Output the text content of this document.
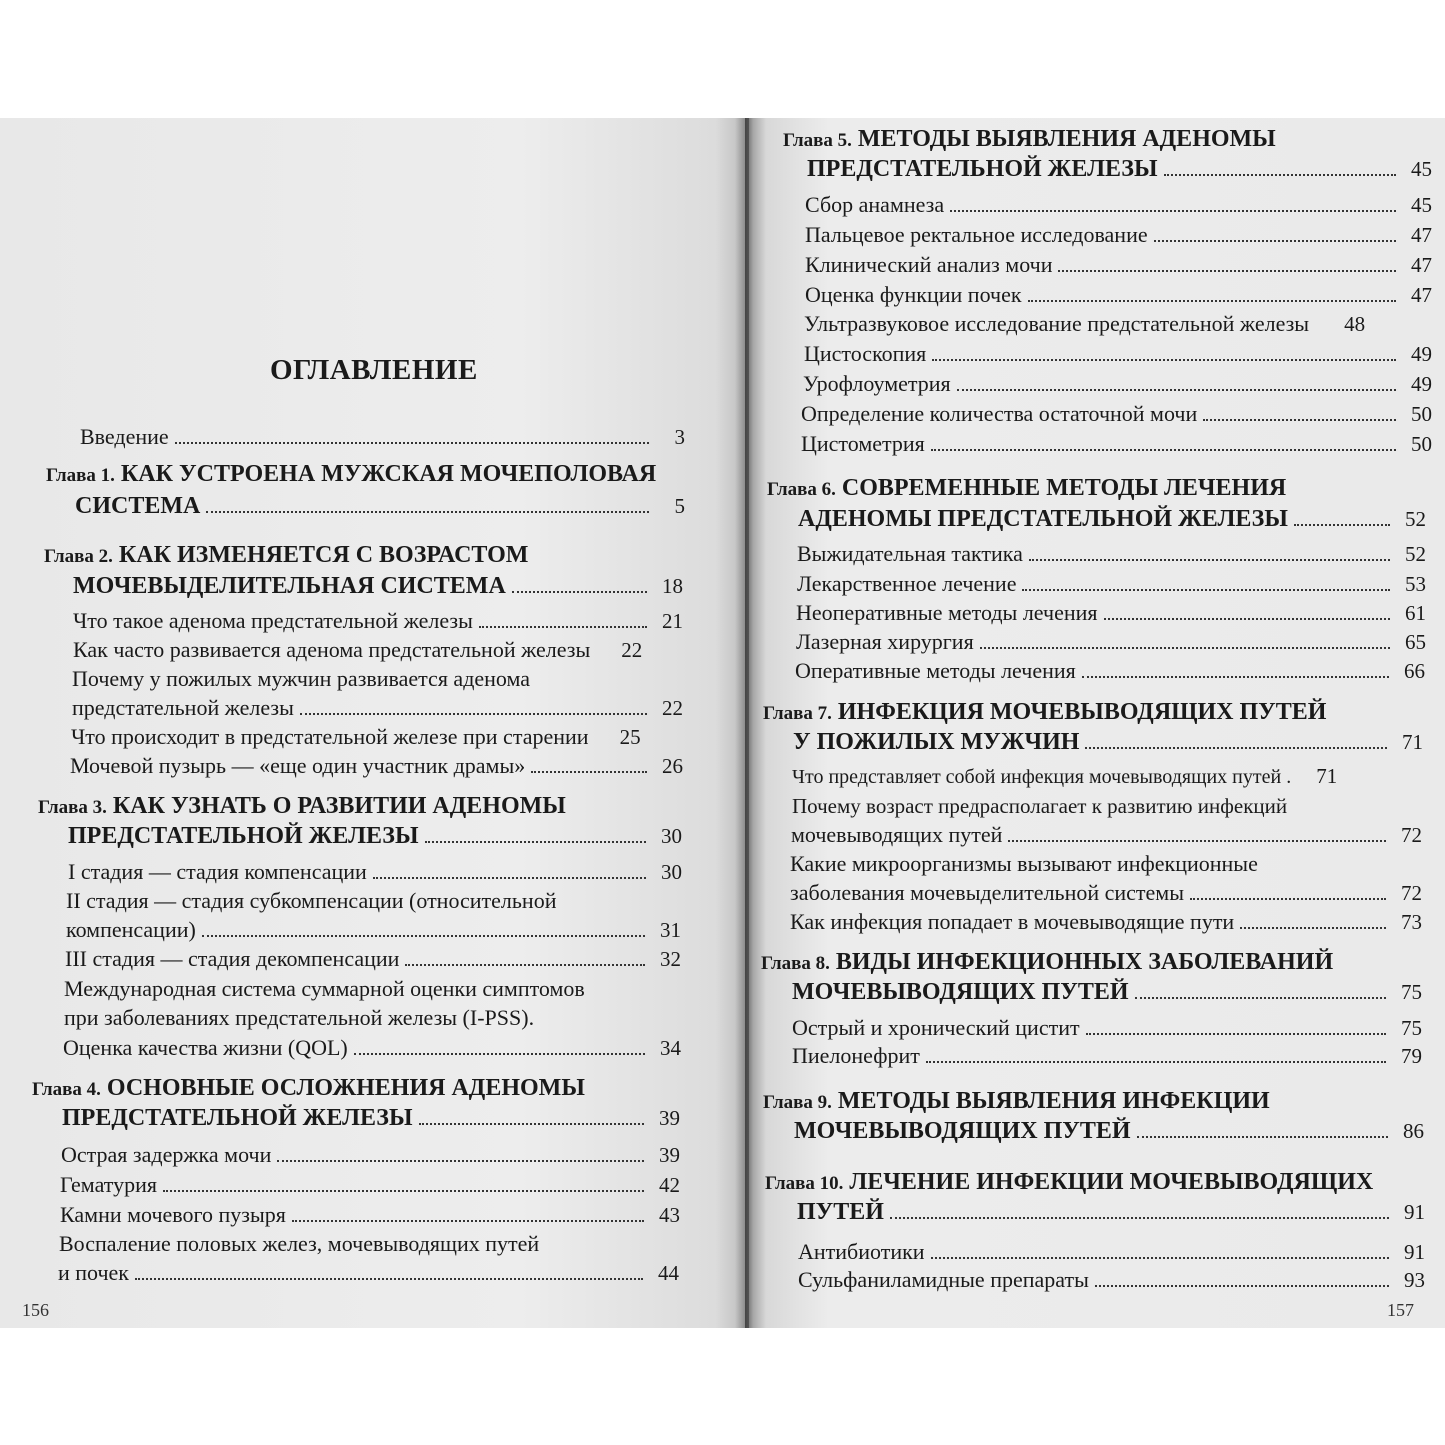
ОГЛАВЛЕНИЕ
Введение	3
Глава 1. КАК УСТРОЕНА МУЖСКАЯ МОЧЕПОЛОВАЯ
СИСТЕМА	5
Глава 2. КАК ИЗМЕНЯЕТСЯ С ВОЗРАСТОМ
МОЧЕВЫДЕЛИТЕЛЬНАЯ СИСТЕМА	18
Что такое аденома предстательной железы	21
Как часто развивается аденома предстательной железы	22
Почему у пожилых мужчин развивается аденома
предстательной железы	22
Что происходит в предстательной железе при старении	25
Мочевой пузырь — «еще один участник драмы»	26
Глава 3. КАК УЗНАТЬ О РАЗВИТИИ АДЕНОМЫ
ПРЕДСТАТЕЛЬНОЙ ЖЕЛЕЗЫ	30
I стадия — стадия компенсации	30
II стадия — стадия субкомпенсации (относительной
компенсации)	31
III стадия — стадия декомпенсации	32
Международная система суммарной оценки симптомов
при заболеваниях предстательной железы (I-PSS).
Оценка качества жизни (QOL)	34
Глава 4. ОСНОВНЫЕ ОСЛОЖНЕНИЯ АДЕНОМЫ
ПРЕДСТАТЕЛЬНОЙ ЖЕЛЕЗЫ	39
Острая задержка мочи	39
Гематурия	42
Камни мочевого пузыря	43
Воспаление половых желез, мочевыводящих путей
и почек	44
156
Глава 5. МЕТОДЫ ВЫЯВЛЕНИЯ АДЕНОМЫ
ПРЕДСТАТЕЛЬНОЙ ЖЕЛЕЗЫ	45
Сбор анамнеза	45
Пальцевое ректальное исследование	47
Клинический анализ мочи	47
Оценка функции почек	47
Ультразвуковое исследование предстательной железы	48
Цистоскопия	49
Урофлоуметрия	49
Определение количества остаточной мочи	50
Цистометрия	50
Глава 6. СОВРЕМЕННЫЕ МЕТОДЫ ЛЕЧЕНИЯ
АДЕНОМЫ ПРЕДСТАТЕЛЬНОЙ ЖЕЛЕЗЫ	52
Выжидательная тактика	52
Лекарственное лечение	53
Неоперативные методы лечения	61
Лазерная хирургия	65
Оперативные методы лечения	66
Глава 7. ИНФЕКЦИЯ МОЧЕВЫВОДЯЩИХ ПУТЕЙ
У ПОЖИЛЫХ МУЖЧИН	71
Что представляет собой инфекция мочевыводящих путей .	71
Почему возраст предрасполагает к развитию инфекций
мочевыводящих путей	72
Какие микроорганизмы вызывают инфекционные
заболевания мочевыделительной системы	72
Как инфекция попадает в мочевыводящие пути	73
Глава 8. ВИДЫ ИНФЕКЦИОННЫХ ЗАБОЛЕВАНИЙ
МОЧЕВЫВОДЯЩИХ ПУТЕЙ	75
Острый и хронический цистит	75
Пиелонефрит	79
Глава 9. МЕТОДЫ ВЫЯВЛЕНИЯ ИНФЕКЦИИ
МОЧЕВЫВОДЯЩИХ ПУТЕЙ	86
Глава 10. ЛЕЧЕНИЕ ИНФЕКЦИИ МОЧЕВЫВОДЯЩИХ
ПУТЕЙ	91
Антибиотики	91
Сульфаниламидные препараты	93
157
